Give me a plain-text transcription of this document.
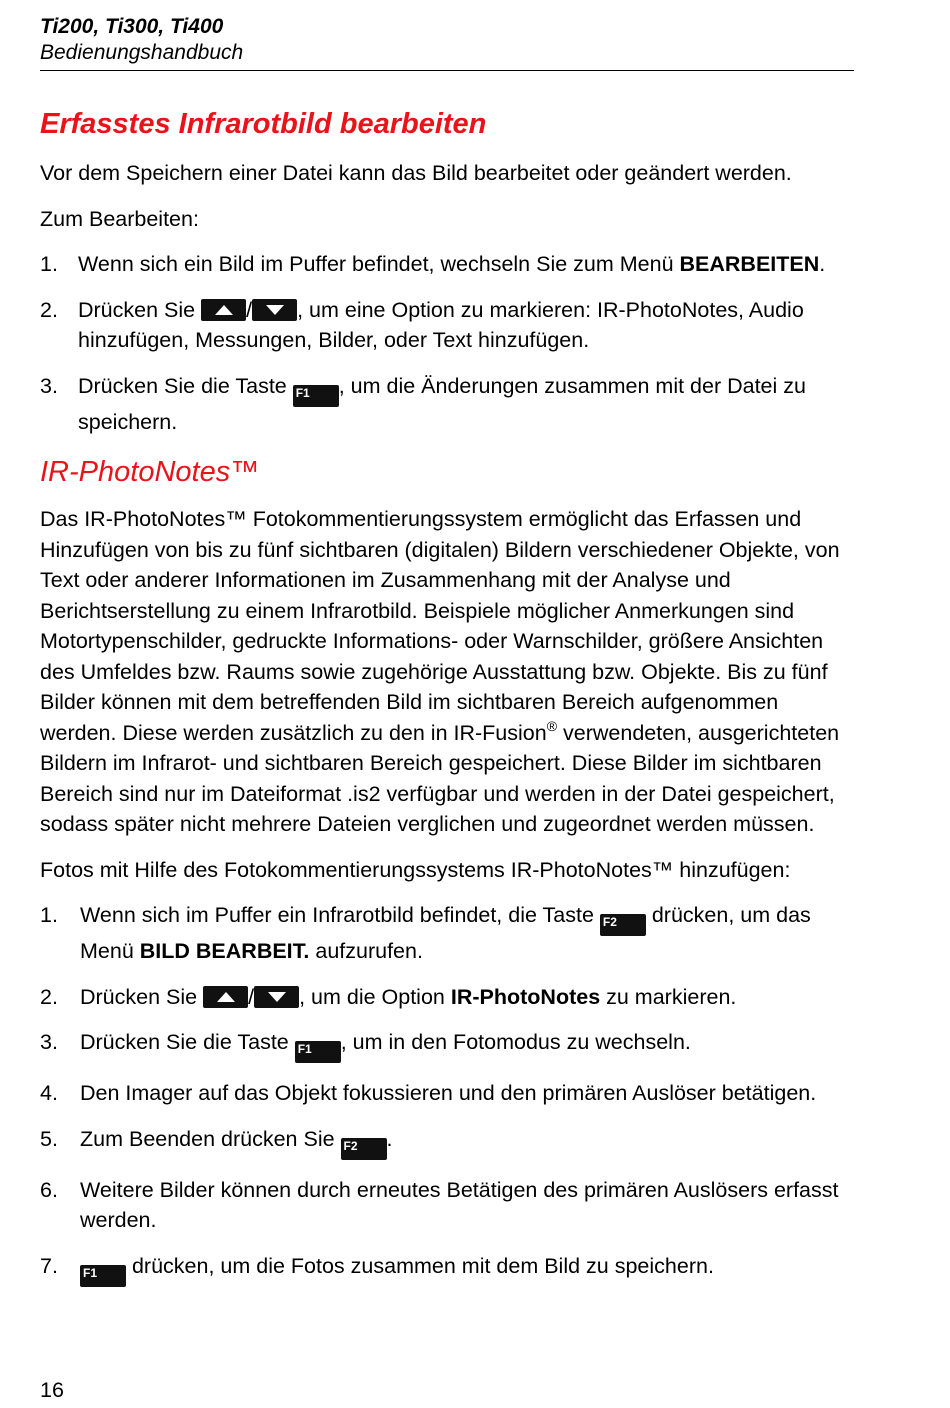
Ti200, Ti300, Ti400
Bedienungshandbuch
Erfasstes Infrarotbild bearbeiten

Vor dem Speichern einer Datei kann das Bild bearbeitet oder geändert werden.

Zum Bearbeiten:

1. Wenn sich ein Bild im Puffer befindet, wechseln Sie zum Menü BEARBEITEN.
2. Drücken Sie
/ , um eine Option zu markieren: IR-PhotoNotes, Audio hinzufügen, Messungen, Bilder, oder Text hinzufügen.
3. Drücken Sie die Taste F1 , um die Änderungen zusammen mit der Datei zu speichern.
IR-PhotoNotes™

Das IR-PhotoNotes™ Fotokommentierungssystem ermöglicht das Erfassen und Hinzufügen von bis zu fünf sichtbaren (digitalen) Bildern verschiedener Objekte, von Text oder anderer Informationen im Zusammenhang mit der Analyse und Berichtserstellung zu einem Infrarotbild. Beispiele möglicher Anmerkungen sind Motortypenschilder, gedruckte Informations- oder Warnschilder, größere Ansichten des Umfeldes bzw. Raums sowie zugehörige Ausstattung bzw. Objekte. Bis zu fünf Bilder können mit dem betreffenden Bild im sichtbaren Bereich aufgenommen werden. Diese werden zusätzlich zu den in IR-Fusion® verwendeten, ausgerichteten Bildern im Infrarot- und sichtbaren Bereich gespeichert. Diese Bilder im sichtbaren Bereich sind nur im Dateiformat .is2 verfügbar und werden in der Datei gespeichert, sodass später nicht mehrere Dateien verglichen und zugeordnet werden müssen.

Fotos mit Hilfe des Fotokommentierungssystems IR-PhotoNotes™ hinzufügen:

1. Wenn sich im Puffer ein Infrarotbild befindet, die Taste F2 drücken, um das Menü BILD BEARBEIT. aufzurufen.
2. Drücken Sie
/ , um die Option IR-PhotoNotes zu markieren.
3. Drücken Sie die Taste F1 , um in den Fotomodus zu wechseln.
4. Den Imager auf das Objekt fokussieren und den primären Auslöser betätigen.
5. Zum Beenden drücken Sie F2 .
6. Weitere Bilder können durch erneutes Betätigen des primären Auslösers erfasst werden.
7. F1 drücken, um die Fotos zusammen mit dem Bild zu speichern.
16
